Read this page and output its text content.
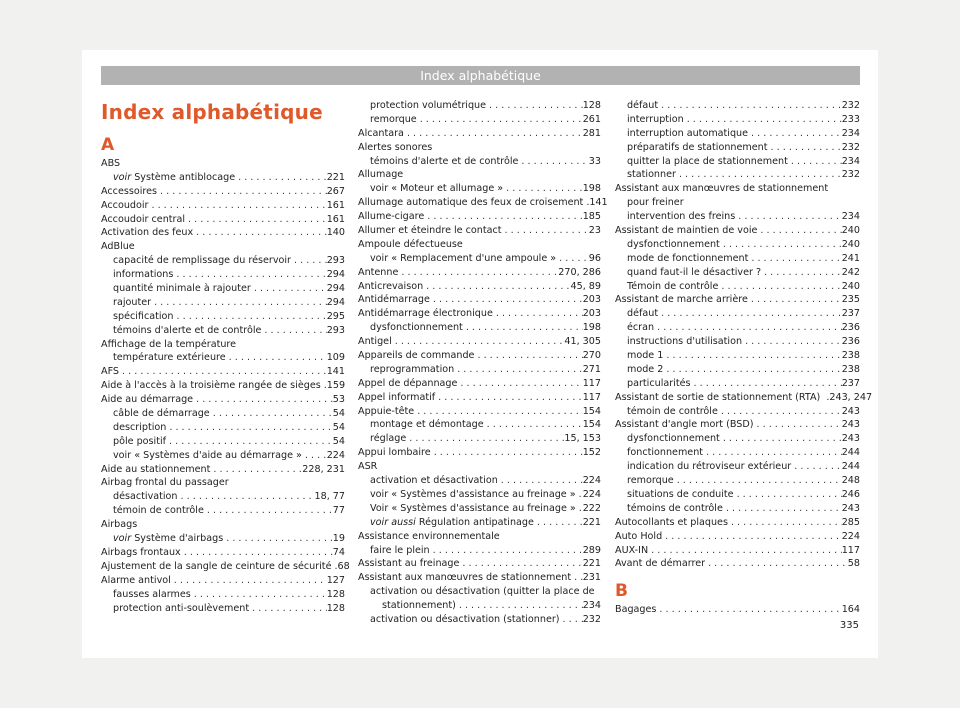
Index alphabétique
Index alphabétique
A
ABS
voir Système antiblocage . . .	221
Accessoires . . .	267
Accoudoir . . .	161
Accoudoir central . . .	161
Activation des feux . . .	140
AdBlue
capacité de remplissage du réservoir . . .	293
informations . . .	294
quantité minimale à rajouter . . .	294
rajouter . . .	294
spécification . . .	295
témoins d'alerte et de contrôle . . .	293
Affichage de la température
température extérieure . . .	109
AFS . . .	141
Aide à l'accès à la troisième rangée de sièges . . . 159
Aide au démarrage . . .	53
câble de démarrage . . .	54
description . . .	54
pôle positif . . .	54
voir « Systèmes d'aide au démarrage » . . .	224
Aide au stationnement . . .	228, 231
Airbag frontal du passager
désactivation . . .	18, 77
témoin de contrôle . . .	77
Airbags
voir Système d'airbags . . .	19
Airbags frontaux . . .	74
Ajustement de la sangle de ceinture de sécurité . . . 68
Alarme antivol . . .	127
fausses alarmes . . .	128
protection anti-soulèvement . . .	128
protection volumétrique . . .	128
remorque . . .	261
Alcantara . . .	281
Alertes sonores
témoins d'alerte et de contrôle . . .	33
Allumage
voir « Moteur et allumage » . . .	198
Allumage automatique des feux de croisement . . . 141
Allume-cigare . . .	185
Allumer et éteindre le contact . . .	23
Ampoule défectueuse
voir « Remplacement d'une ampoule » . . .	96
Antenne . . .	270, 286
Anticrevaison . . .	45, 89
Antidémarrage . . .	203
Antidémarrage électronique . . .	203
dysfonctionnement . . .	198
Antigel . . .	41, 305
Appareils de commande . . .	270
reprogrammation . . .	271
Appel de dépannage . . .	117
Appel informatif . . .	117
Appuie-tête . . .	154
montage et démontage . . .	154
réglage . . .	15, 153
Appui lombaire . . .	152
ASR
activation et désactivation . . .	224
voir « Systèmes d'assistance au freinage » . . . 224
Voir « Systèmes d'assistance au freinage » . . . 222
voir aussi Régulation antipatinage . . .	221
Assistance environnementale
faire le plein . . .	289
Assistant au freinage . . .	221
Assistant aux manœuvres de stationnement . . . 231
activation ou désactivation (quitter la place de
stationnement) . . .	234
activation ou désactivation (stationner) . . . 232
défaut . . .	232
interruption . . .	233
interruption automatique . . .	234
préparatifs de stationnement . . .	232
quitter la place de stationnement . . .	234
stationner . . .	232
Assistant aux manœuvres de stationnement
pour freiner
intervention des freins . . .	234
Assistant de maintien de voie . . .	240
dysfonctionnement . . .	240
mode de fonctionnement . . .	241
quand faut-il le désactiver ? . . .	242
Témoin de contrôle . . .	240
Assistant de marche arrière . . .	235
défaut . . .	237
écran . . .	236
instructions d'utilisation . . .	236
mode 1 . . .	238
mode 2 . . .	238
particularités . . .	237
Assistant de sortie de stationnement (RTA) .243, 247
témoin de contrôle . . .	243
Assistant d'angle mort (BSD) . . .	243
dysfonctionnement . . .	243
fonctionnement . . .	244
indication du rétroviseur extérieur . . .	244
remorque . . .	248
situations de conduite . . .	246
témoins de contrôle . . .	243
Autocollants et plaques . . .	285
Auto Hold . . .	224
AUX-IN . . .	117
Avant de démarrer . . .	58
B
Bagages . . .	164
335
